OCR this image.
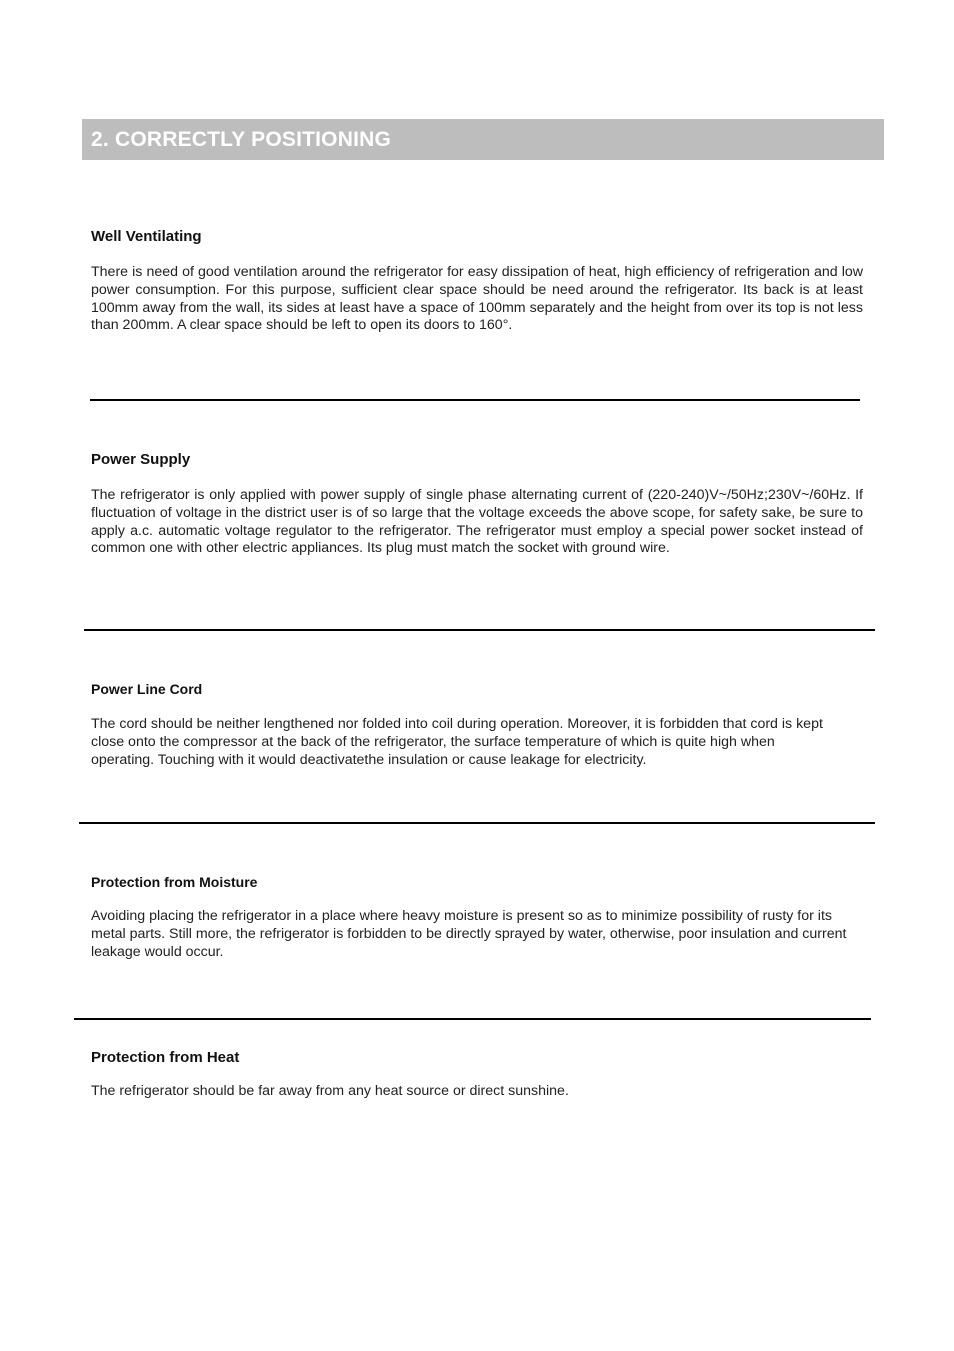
2. CORRECTLY POSITIONING
Well Ventilating
There is need of good ventilation around the refrigerator for easy dissipation of heat, high efficiency of refrigeration and low power consumption. For this purpose, sufficient clear space should be need around the refrigerator. Its back is at least 100mm away from the wall, its sides at least have a space of 100mm separately and the height from over its top is not less than 200mm. A clear space should be left to open its doors to 160°.
Power Supply
The refrigerator is only applied with power supply of single phase alternating current of (220-240)V~/50Hz;230V~/60Hz. If fluctuation of voltage in the district user is of so large that the voltage exceeds the above scope, for safety sake, be sure to apply a.c. automatic voltage regulator to the refrigerator. The refrigerator must employ a special power socket instead of common one with other electric appliances. Its plug must match the socket with ground wire.
Power Line Cord
The cord should be neither lengthened nor folded into coil during operation. Moreover, it is forbidden that cord is kept close onto the compressor at the back of the refrigerator, the surface temperature of which is quite high when operating. Touching with it would deactivatethe insulation or cause leakage for electricity.
Protection from Moisture
Avoiding placing the refrigerator in a place where heavy moisture is present so as to minimize possibility of rusty for its metal parts. Still more, the refrigerator is forbidden to be directly sprayed by water, otherwise, poor insulation and current leakage would occur.
Protection from Heat
The refrigerator should be far away from any heat source or direct sunshine.
